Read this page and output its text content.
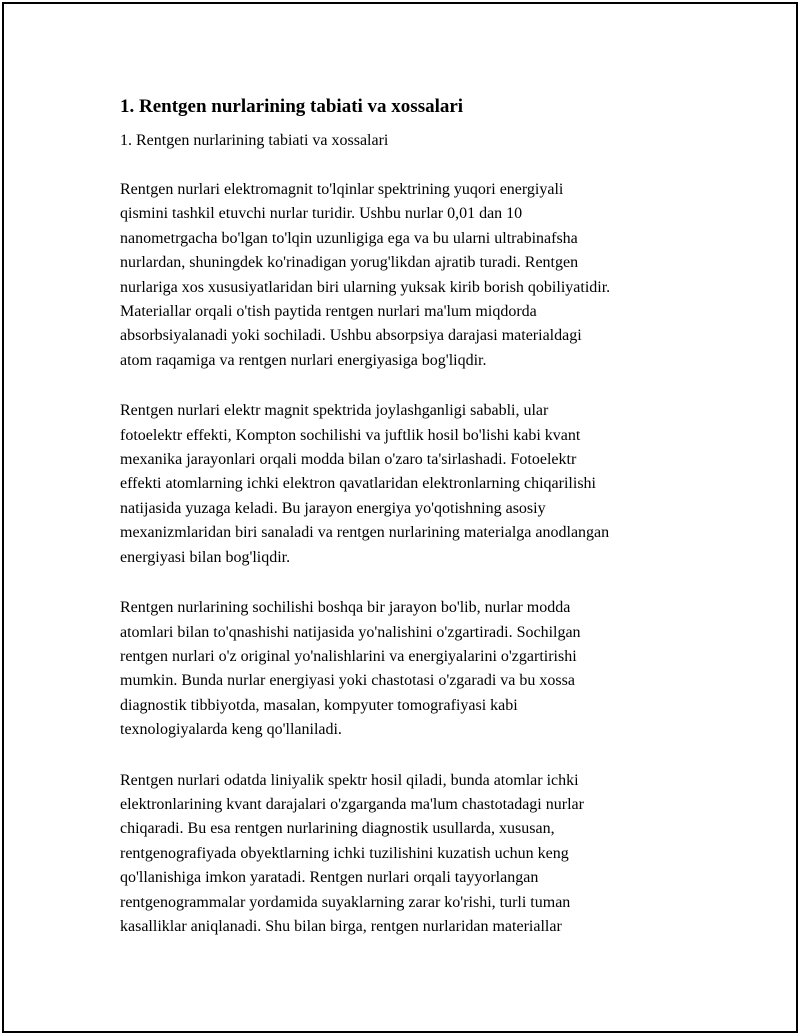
1. Rentgen nurlarining tabiati va xossalari

1. Rentgen nurlarining tabiati va xossalari

Rentgen nurlari elektromagnit to'lqinlar spektrining yuqori energiyali
qismini tashkil etuvchi nurlar turidir. Ushbu nurlar 0,01 dan 10
nanometrgacha bo'lgan to'lqin uzunligiga ega va bu ularni ultrabinafsha
nurlardan, shuningdek ko'rinadigan yorug'likdan ajratib turadi. Rentgen
nurlariga xos xususiyatlaridan biri ularning yuksak kirib borish qobiliyatidir.
Materiallar orqali o'tish paytida rentgen nurlari ma'lum miqdorda
absorbsiyalanadi yoki sochiladi. Ushbu absorpsiya darajasi materialdagi
atom raqamiga va rentgen nurlari energiyasiga bog'liqdir.

Rentgen nurlari elektr magnit spektrida joylashganligi sababli, ular
fotoelektr effekti, Kompton sochilishi va juftlik hosil bo'lishi kabi kvant
mexanika jarayonlari orqali modda bilan o'zaro ta'sirlashadi. Fotoelektr
effekti atomlarning ichki elektron qavatlaridan elektronlarning chiqarilishi
natijasida yuzaga keladi. Bu jarayon energiya yo'qotishning asosiy
mexanizmlaridan biri sanaladi va rentgen nurlarining materialga anodlangan
energiyasi bilan bog'liqdir.

Rentgen nurlarining sochilishi boshqa bir jarayon bo'lib, nurlar modda
atomlari bilan to'qnashishi natijasida yo'nalishini o'zgartiradi. Sochilgan
rentgen nurlari o'z original yo'nalishlarini va energiyalarini o'zgartirishi
mumkin. Bunda nurlar energiyasi yoki chastotasi o'zgaradi va bu xossa
diagnostik tibbiyotda, masalan, kompyuter tomografiyasi kabi
texnologiyalarda keng qo'llaniladi.

Rentgen nurlari odatda liniyalik spektr hosil qiladi, bunda atomlar ichki
elektronlarining kvant darajalari o'zgarganda ma'lum chastotadagi nurlar
chiqaradi. Bu esa rentgen nurlarining diagnostik usullarda, xususan,
rentgenografiyada obyektlarning ichki tuzilishini kuzatish uchun keng
qo'llanishiga imkon yaratadi. Rentgen nurlari orqali tayyorlangan
rentgenogrammalar yordamida suyaklarning zarar ko'rishi, turli tuman
kasalliklar aniqlanadi. Shu bilan birga, rentgen nurlaridan materiallar
